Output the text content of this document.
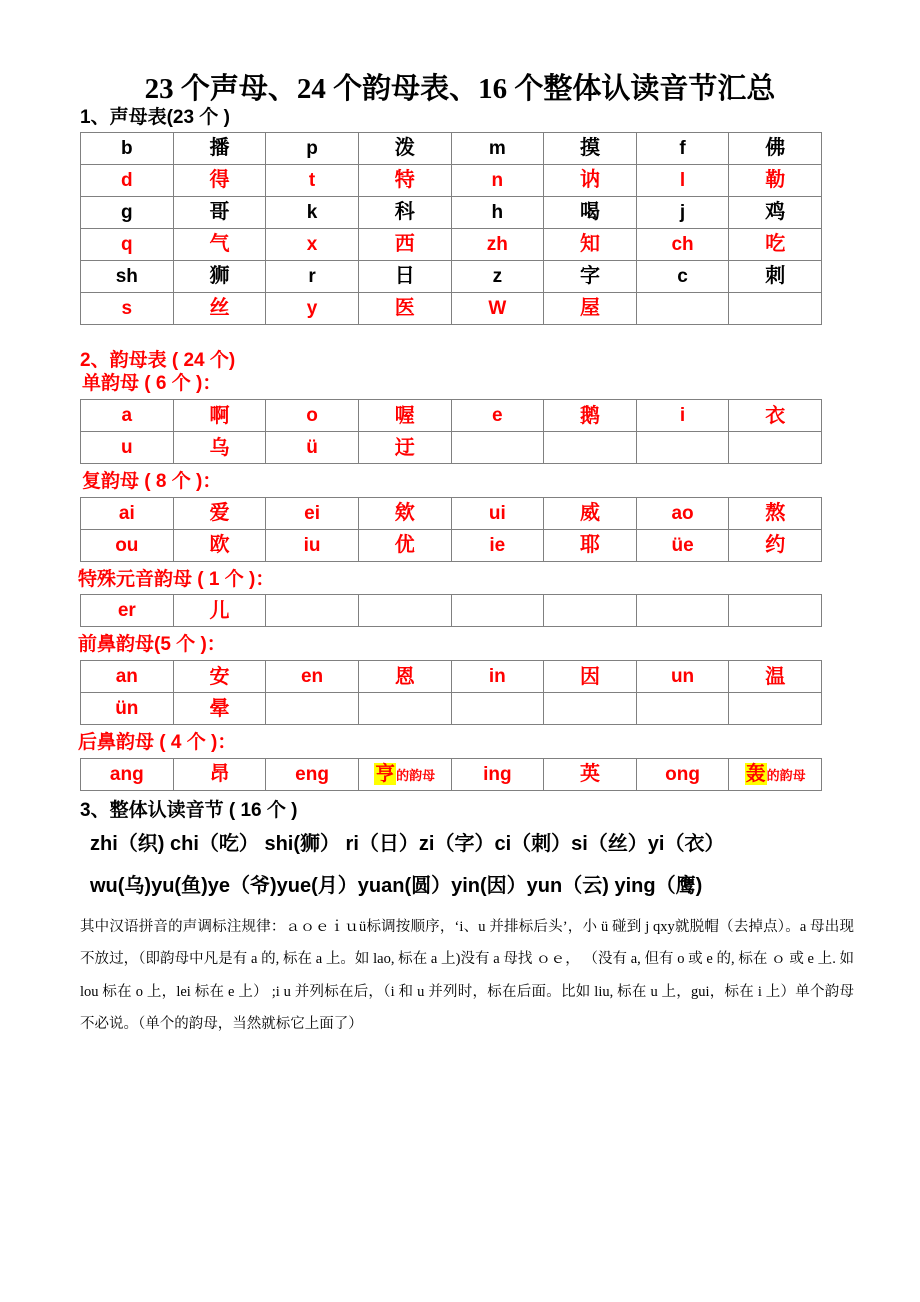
23 个声母、24 个韵母表、16 个整体认读音节汇总
1、声母表(23 个 )
b	播	p	泼	m	摸	f	佛
d	得	t	特	n	讷	l	勒
g	哥	k	科	h	喝	j	鸡
q	气	x	西	zh	知	ch	吃
sh	狮	r	日	z	字	c	刺
s	丝	y	医	W	屋		
2、韵母表 ( 24 个)
单韵母 ( 6 个 )：
a	啊	o	喔	e	鹅	i	衣
u	乌	ü	迂				
复韵母 ( 8 个 )：
ai	爱	ei	欸	ui	威	ao	熬
ou	欧	iu	优	ie	耶	üe	约
特殊元音韵母 ( 1 个 )：
er	儿						
前鼻韵母(5 个 )：
an	安	en	恩	in	因	un	温
ün	晕						
后鼻韵母 ( 4 个 )：
ang	昂	eng	亨的韵母	ing	英	ong	轰的韵母
3、整体认读音节 ( 16 个 )
zhi（织) chi（吃） shi(狮） ri（日）zi（字）ci（刺）si（丝）yi（衣）
wu(乌)yu(鱼)ye（爷)yue(月）yuan(圆）yin(因）yun（云) ying（鹰)

其中汉语拼音的声调标注规律：ａｏｅｉｕü标调按顺序，‘i、u 并排标后头’，小 ü 碰到 j qxy就脱帽（去掉点）。a 母出现不放过，（即韵母中凡是有 a 的, 标在 a 上。如 lao, 标在 a 上)没有 a 母找 ｏｅ， （没有 a, 但有 o 或 e 的, 标在 ｏ 或 e 上. 如 lou 标在 o 上，lei 标在 e 上） ;i u 并列标在后，（i 和 u 并列时，标在后面。比如 liu, 标在 u 上，gui，标在 i 上）单个韵母不必说。（单个的韵母，当然就标它上面了）
